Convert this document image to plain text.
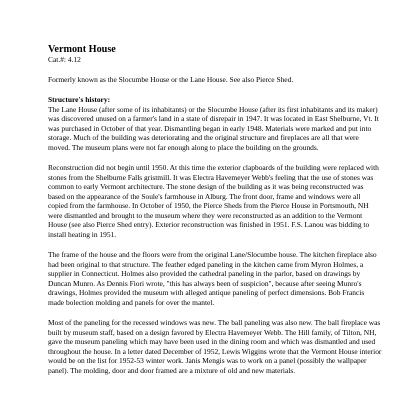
Vermont House
Cat.#: 4.12

Formerly known as the Slocumbe House or the Lane House. See also Pierce Shed.

Structure's history:

The Lane House (after some of its inhabitants) or the Slocumbe House (after its first inhabitants and its maker) was discovered unused on a farmer's land in a state of disrepair in 1947. It was located in East Shelburne, Vt. It was purchased in October of that year. Dismantling began in early 1948. Materials were marked and put into storage. Much of the building was deteriorating and the original structure and fireplaces are all that were moved. The museum plans were not far enough along to place the building on the grounds.

Reconstruction did not begin until 1950. At this time the exterior clapboards of the building were replaced with stones from the Shelburne Falls gristmill. It was Electra Havemeyer Webb's feeling that the use of stones was common to early Vermont architecture. The stone design of the building as it was being reconstructed was based on the appearance of the Soule's farmhouse in Alburg. The front door, frame and windows were all copied from the farmhouse. In October of 1950, the Pierce Sheds from the Pierce House in Portsmouth, NH were dismantled and brought to the museum where they were reconstructed as an addition to the Vermont House (see also Pierce Shed entry). Exterior reconstruction was finished in 1951. F.S. Lanou was bidding to install heating in 1951.

The frame of the house and the floors were from the original Lane/Slocumbe house. The kitchen fireplace also had been original to that structure. The feather edged paneling in the kitchen came from Myron Holmes, a supplier in Connecticut. Holmes also provided the cathedral paneling in the parlor, based on drawings by Duncan Munro. As Dennis Fiori wrote, "this has always been of suspicion", because after seeing Munro's drawings, Holmes provided the museum with alleged antique paneling of perfect dimensions. Bob Francis made bolection molding and panels for over the mantel.

Most of the paneling for the recessed windows was new. The ball paneling was also new. The ball fireplace was built by museum staff, based on a design favored by Electra Havemeyer Webb. The Hill family, of Tilton, NH, gave the museum paneling which may have been used in the dining room and which was dismantled and used throughout the house. In a letter dated December of 1952, Lewis Wiggins wrote that the Vermont House interior would be on the list for 1952-53 winter work. Janis Mengis was to work on a panel (possibly the wallpaper panel). The molding, door and door framed are a mixture of old and new materials.
